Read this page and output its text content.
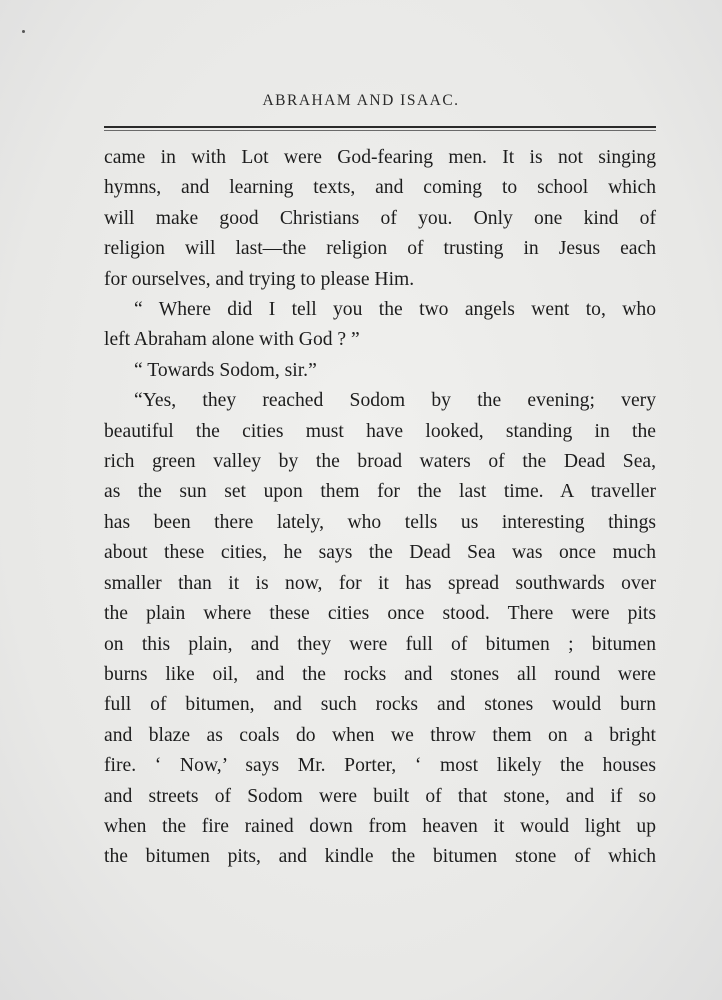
ABRAHAM AND ISAAC.

came in with Lot were God-fearing men. It is not singing
hymns, and learning texts, and coming to school which
will make good Christians of you. Only one kind of
religion will last—the religion of trusting in Jesus each
for ourselves, and trying to please Him.

“ Where did I tell you the two angels went to, who
left Abraham alone with God ? ”

“ Towards Sodom, sir.”

“Yes, they reached Sodom by the evening; very
beautiful the cities must have looked, standing in the
rich green valley by the broad waters of the Dead Sea,
as the sun set upon them for the last time. A traveller
has been there lately, who tells us interesting things
about these cities, he says the Dead Sea was once much
smaller than it is now, for it has spread southwards over
the plain where these cities once stood. There were pits
on this plain, and they were full of bitumen ; bitumen
burns like oil, and the rocks and stones all round were
full of bitumen, and such rocks and stones would burn
and blaze as coals do when we throw them on a bright
fire. ‘ Now,’ says Mr. Porter, ‘ most likely the houses
and streets of Sodom were built of that stone, and if so
when the fire rained down from heaven it would light up
the bitumen pits, and kindle the bitumen stone of which
